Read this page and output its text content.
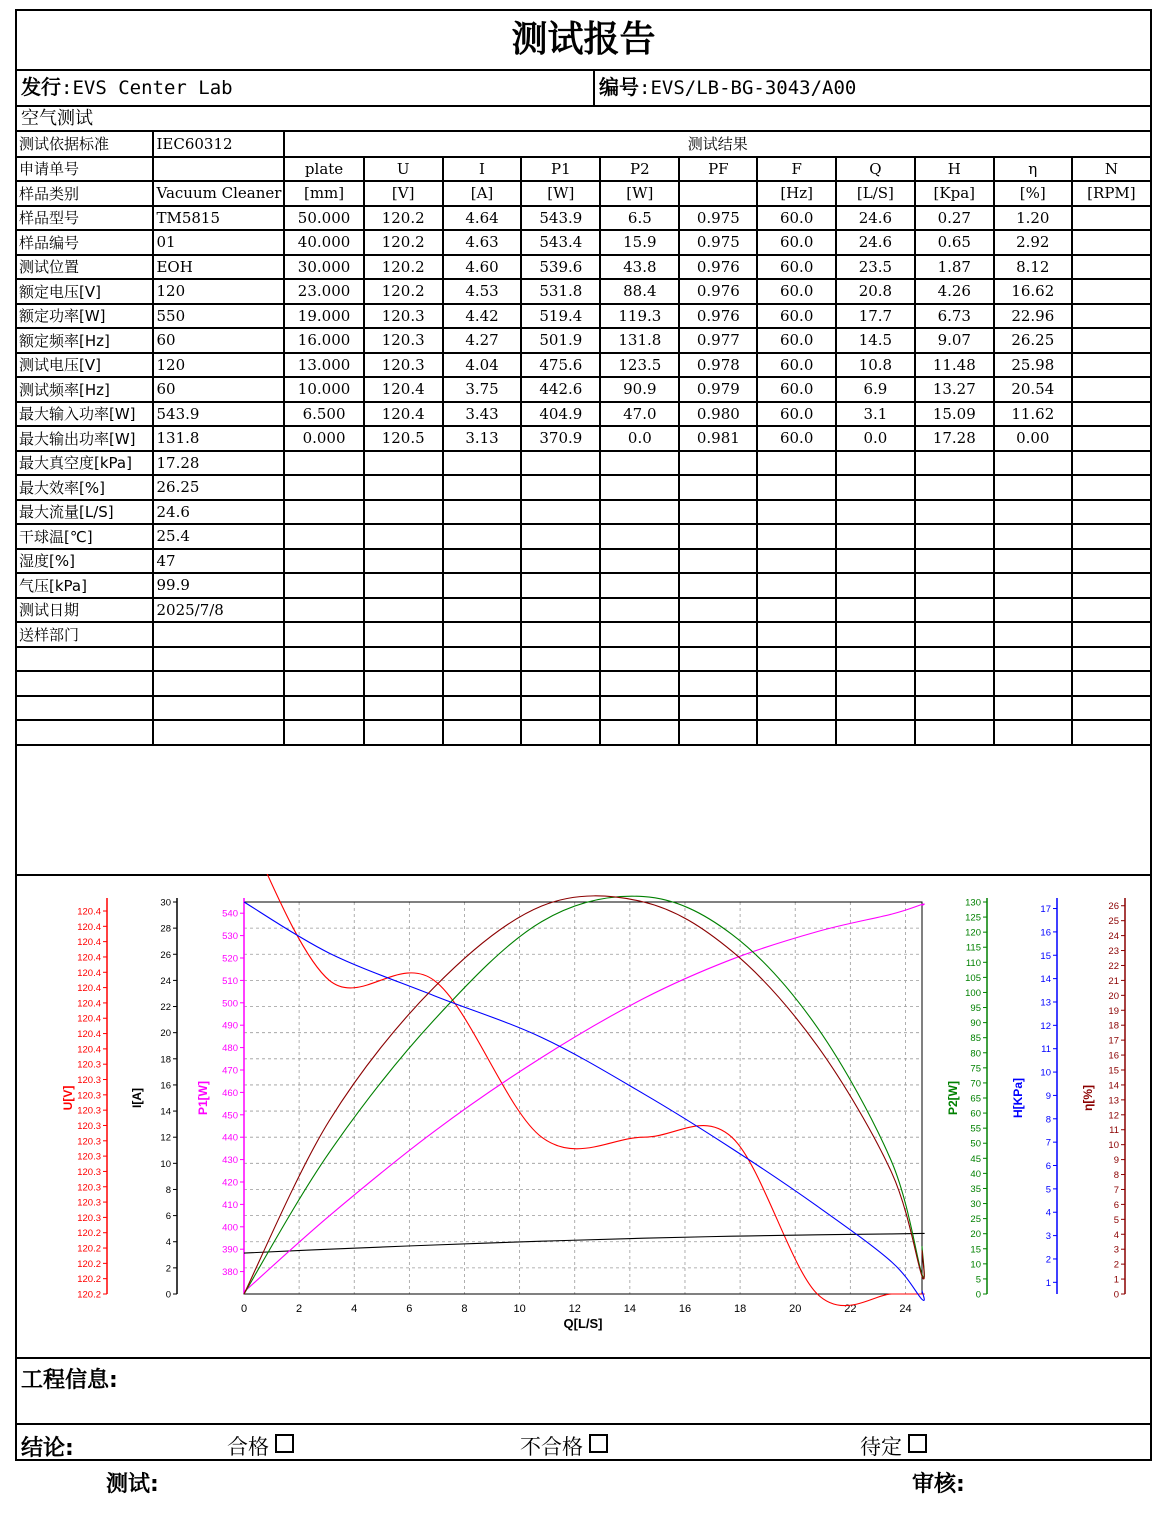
测试报告
发行:EVS Center Lab	编号:EVS/LB-BG-3043/A00
空气测试
测试依据标准	IEC60312	测试结果										
申请单号		plate	U	I	P1	P2	PF	F	Q	H	η	N
样品类别	Vacuum Cleaner	[mm]	[V]	[A]	[W]	[W]		[Hz]	[L/S]	[Kpa]	[%]	[RPM]
样品型号	TM5815	50.000	120.2	4.64	543.9	6.5	0.975	60.0	24.6	0.27	1.20	
样品编号	01	40.000	120.2	4.63	543.4	15.9	0.975	60.0	24.6	0.65	2.92	
测试位置	EOH	30.000	120.2	4.60	539.6	43.8	0.976	60.0	23.5	1.87	8.12	
额定电压[V]	120	23.000	120.2	4.53	531.8	88.4	0.976	60.0	20.8	4.26	16.62	
额定功率[W]	550	19.000	120.3	4.42	519.4	119.3	0.976	60.0	17.7	6.73	22.96	
额定频率[Hz]	60	16.000	120.3	4.27	501.9	131.8	0.977	60.0	14.5	9.07	26.25	
测试电压[V]	120	13.000	120.3	4.04	475.6	123.5	0.978	60.0	10.8	11.48	25.98	
测试频率[Hz]	60	10.000	120.4	3.75	442.6	90.9	0.979	60.0	6.9	13.27	20.54	
最大输入功率[W]	543.9	6.500	120.4	3.43	404.9	47.0	0.980	60.0	3.1	15.09	11.62	
最大输出功率[W]	131.8	0.000	120.5	3.13	370.9	0.0	0.981	60.0	0.0	17.28	0.00	
最大真空度[kPa]	17.28											
最大效率[%]	26.25											
最大流量[L/S]	24.6											
干球温[℃]	25.4											
湿度[%]	47											
气压[kPa]	99.9											
测试日期	2025/7/8											
送样部门												

0	2	4	6	8	10	12	14	16	18	20	22	24
Q[L/S]
120.4
120.4
120.4
120.4
120.4
120.4
120.4
120.4
120.4
120.4
120.3
120.3
120.3
120.3
120.3
120.3
120.3
120.3
120.3
120.3
120.3
120.2
120.2
120.2
120.2
120.2
U[V]
0
2
4
6
8
10
12
14
16
18
20
22
24
26
28
30
I[A]
380
390
400
410
420
430
440
450
460
470
480
490
500
510
520
530
540
P1[W]
0
5
10
15
20
25
30
35
40
45
50
55
60
65
70
75
80
85
90
95
100
105
110
115
120
125
130
P2[W]
1
2
3
4
5
6
7
8
9
10
11
12
13
14
15
16
17
H[KPa]
0
1
2
3
4
5
6
7
8
9
10
11
12
13
14
15
16
17
18
19
20
21
22
23
24
25
26
η[%]
工程信息:
结论:	合格	不合格	待定
测试:	审核:
